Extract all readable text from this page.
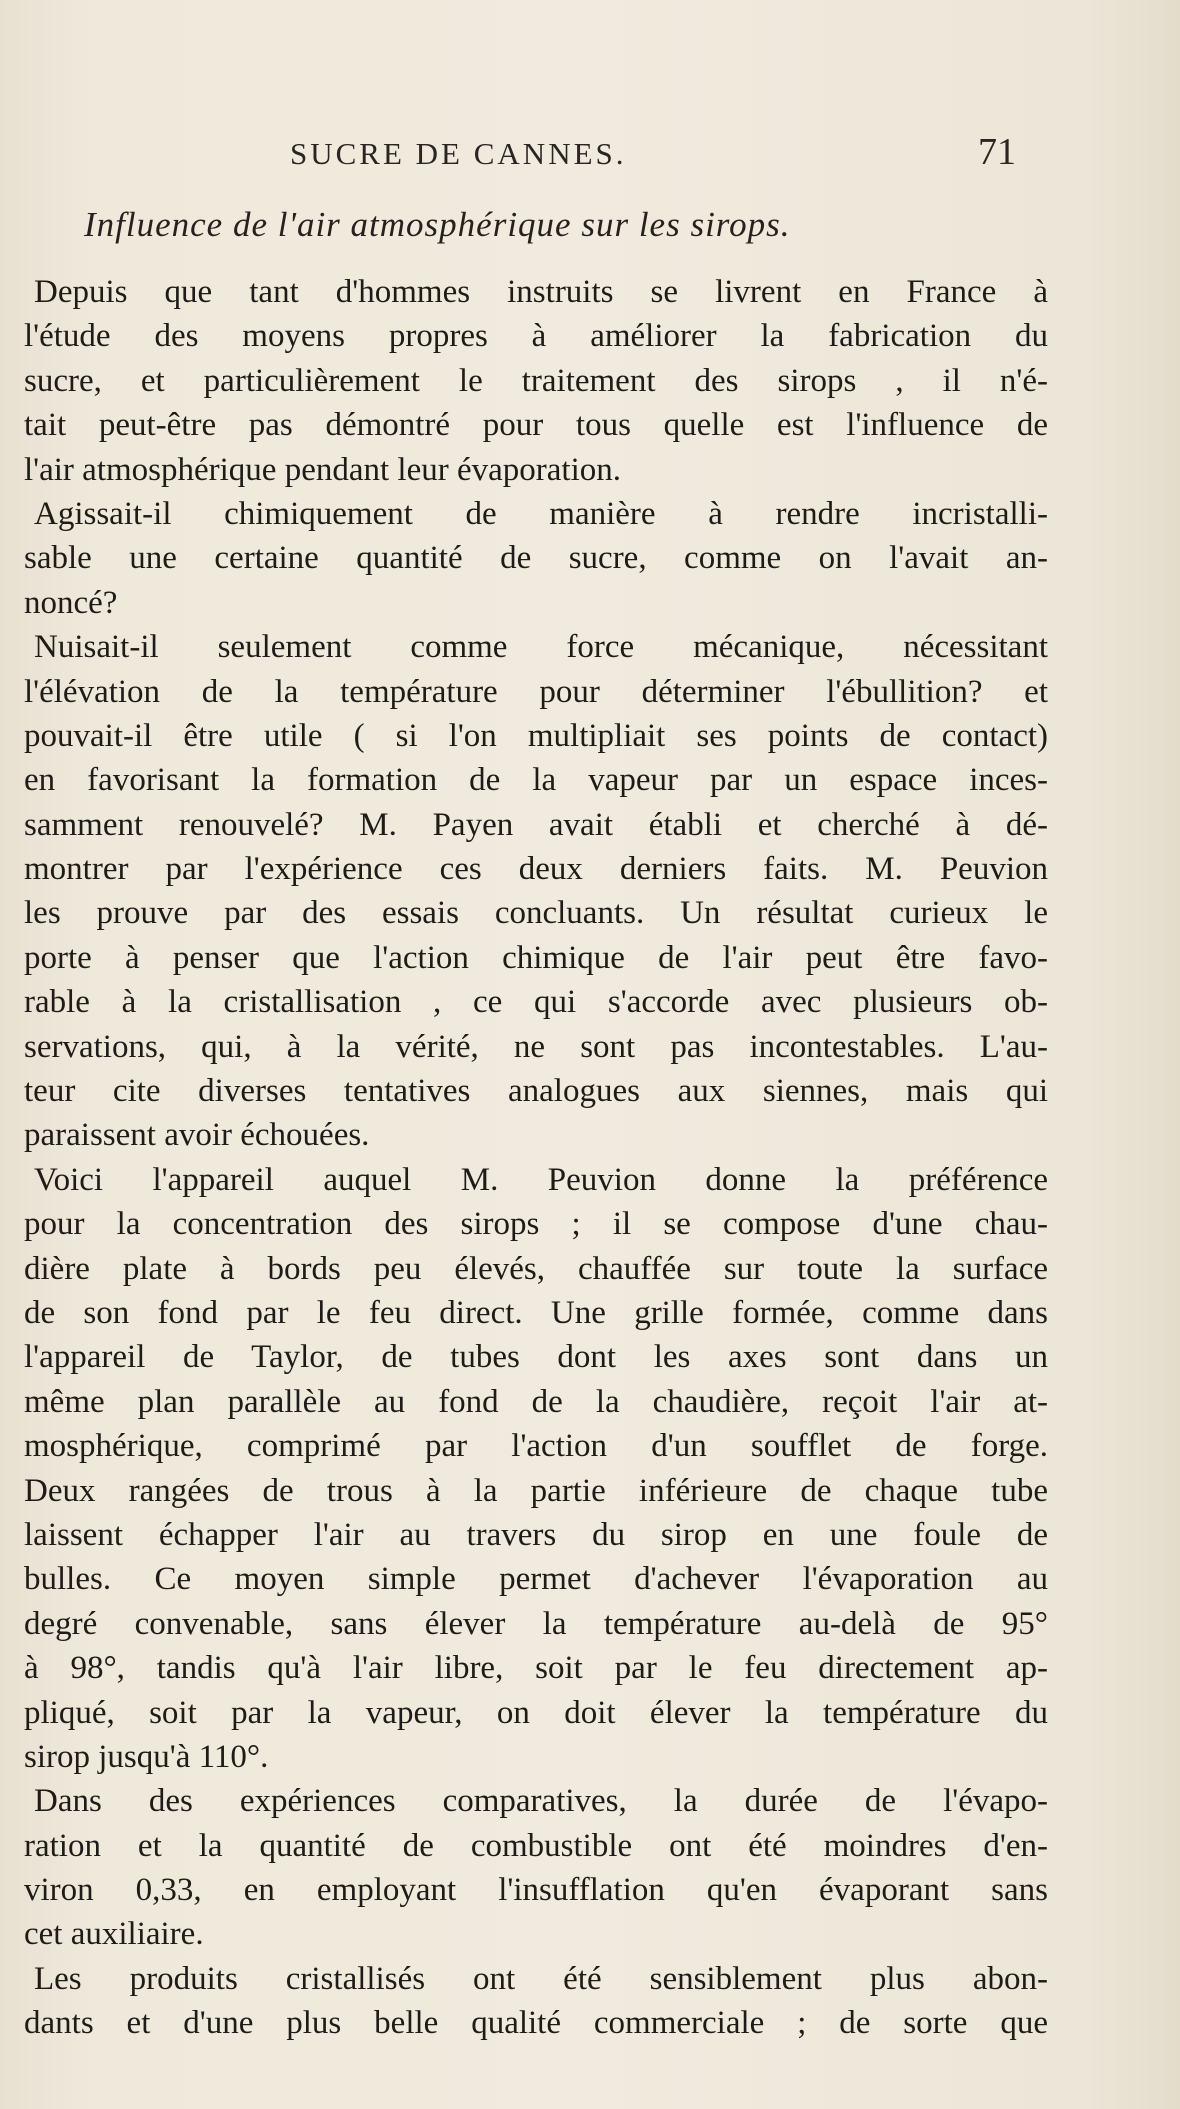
SUCRE DE CANNES.	71
Influence de l'air atmosphérique sur les sirops.
Depuis que tant d'hommes instruits se livrent en France à
l'étude des moyens propres à améliorer la fabrication du
sucre, et particulièrement le traitement des sirops , il n'é-
tait peut-être pas démontré pour tous quelle est l'influence de
l'air atmosphérique pendant leur évaporation.
Agissait-il chimiquement de manière à rendre incristalli-
sable une certaine quantité de sucre, comme on l'avait an-
noncé?
Nuisait-il seulement comme force mécanique, nécessitant
l'élévation de la température pour déterminer l'ébullition? et
pouvait-il être utile ( si l'on multipliait ses points de contact)
en favorisant la formation de la vapeur par un espace inces-
samment renouvelé? M. Payen avait établi et cherché à dé-
montrer par l'expérience ces deux derniers faits. M. Peuvion
les prouve par des essais concluants. Un résultat curieux le
porte à penser que l'action chimique de l'air peut être favo-
rable à la cristallisation , ce qui s'accorde avec plusieurs ob-
servations, qui, à la vérité, ne sont pas incontestables. L'au-
teur cite diverses tentatives analogues aux siennes, mais qui
paraissent avoir échouées.
Voici l'appareil auquel M. Peuvion donne la préférence
pour la concentration des sirops ; il se compose d'une chau-
dière plate à bords peu élevés, chauffée sur toute la surface
de son fond par le feu direct. Une grille formée, comme dans
l'appareil de Taylor, de tubes dont les axes sont dans un
même plan parallèle au fond de la chaudière, reçoit l'air at-
mosphérique, comprimé par l'action d'un soufflet de forge.
Deux rangées de trous à la partie inférieure de chaque tube
laissent échapper l'air au travers du sirop en une foule de
bulles. Ce moyen simple permet d'achever l'évaporation au
degré convenable, sans élever la température au-delà de 95°
à 98°, tandis qu'à l'air libre, soit par le feu directement ap-
pliqué, soit par la vapeur, on doit élever la température du
sirop jusqu'à 110°.
Dans des expériences comparatives, la durée de l'évapo-
ration et la quantité de combustible ont été moindres d'en-
viron 0,33, en employant l'insufflation qu'en évaporant sans
cet auxiliaire.
Les produits cristallisés ont été sensiblement plus abon-
dants et d'une plus belle qualité commerciale ; de sorte que
